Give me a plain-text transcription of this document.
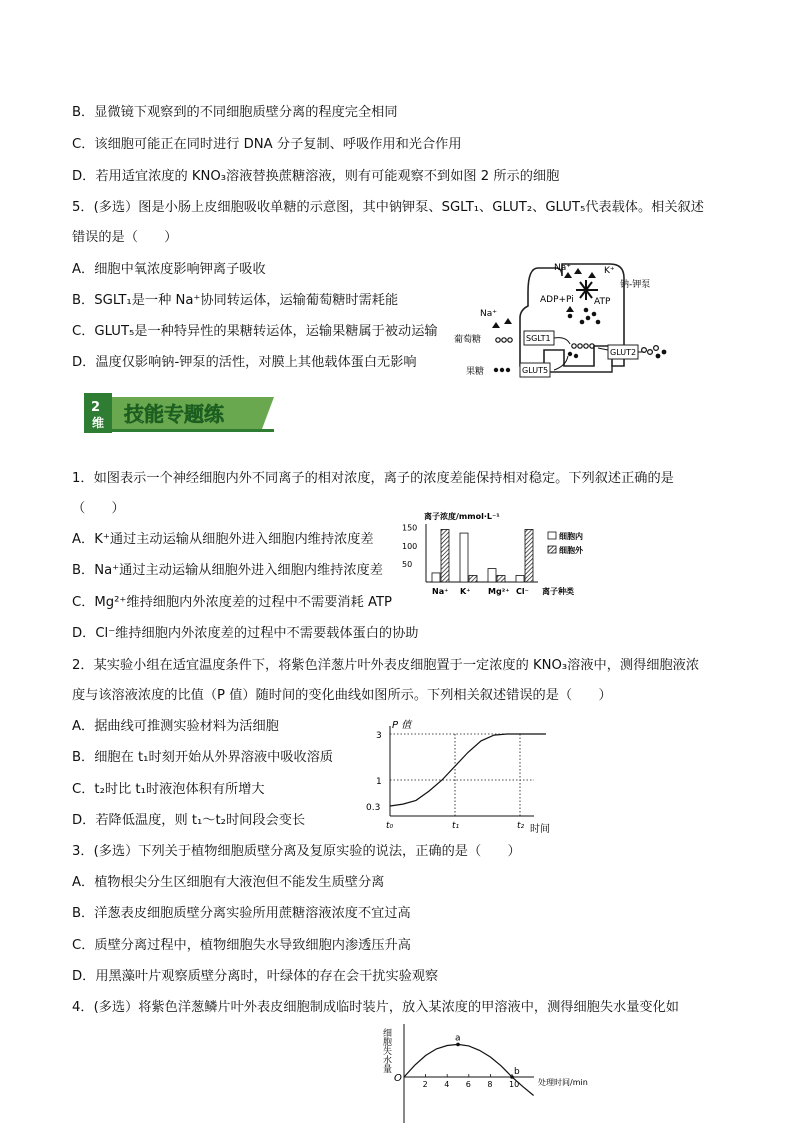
B．显微镜下观察到的不同细胞质壁分离的程度完全相同
C．该细胞可能正在同时进行 DNA 分子复制、呼吸作用和光合作用
D．若用适宜浓度的 KNO₃溶液替换蔗糖溶液，则有可能观察不到如图 2 所示的细胞
5．(多选）图是小肠上皮细胞吸收单糖的示意图，其中钠钾泵、SGLT₁、GLUT₂、GLUT₅代表载体。相关叙述
错误的是（　　）
A．细胞中氧浓度影响钾离子吸收
B．SGLT₁是一种 Na⁺协同转运体，运输葡萄糖时需耗能
C．GLUT₅是一种特异性的果糖转运体，运输果糖属于被动运输
D．温度仅影响钠-钾泵的活性，对膜上其他载体蛋白无影响
Na⁺	K⁺
钠-钾泵
ADP+Pi ATP
Na⁺
葡萄糖	SGLT1
GLUT2
果糖	GLUT5
2
维 技能专题练
1．如图表示一个神经细胞内外不同离子的相对浓度，离子的浓度差能保持相对稳定。下列叙述正确的是
（　　）
A．K⁺通过主动运输从细胞外进入细胞内维持浓度差
B．Na⁺通过主动运输从细胞外进入细胞内维持浓度差
C．Mg²⁺维持细胞内外浓度差的过程中不需要消耗 ATP
D．Cl⁻维持细胞内外浓度差的过程中不需要载体蛋白的协助
离子浓度/mmol·L⁻¹
离子种类
50
100
150
Na⁺ K⁺ Mg²⁺ Cl⁻
细胞内
细胞外
2．某实验小组在适宜温度条件下，将紫色洋葱片叶外表皮细胞置于一定浓度的 KNO₃溶液中，测得细胞液浓
度与该溶液浓度的比值（P 值）随时间的变化曲线如图所示。下列相关叙述错误的是（　　）
A．据曲线可推测实验材料为活细胞
B．细胞在 t₁时刻开始从外界溶液中吸收溶质
C．t₂时比 t₁时液泡体积有所增大
D．若降低温度，则 t₁～t₂时间段会变长
P 值
时间
0.3
1
3
t₀	t₁	t₂
3．(多选）下列关于植物细胞质壁分离及复原实验的说法，正确的是（　　）
A．植物根尖分生区细胞有大液泡但不能发生质壁分离
B．洋葱表皮细胞质壁分离实验所用蔗糖溶液浓度不宜过高
C．质壁分离过程中，植物细胞失水导致细胞内渗透压升高
D．用黑藻叶片观察质壁分离时，叶绿体的存在会干扰实验观察
4．(多选）将紫色洋葱鳞片叶外表皮细胞制成临时装片，放入某浓度的甲溶液中，测得细胞失水量变化如
细胞失水量
O	处理时间/min
2 4 6 8 10
a
b
